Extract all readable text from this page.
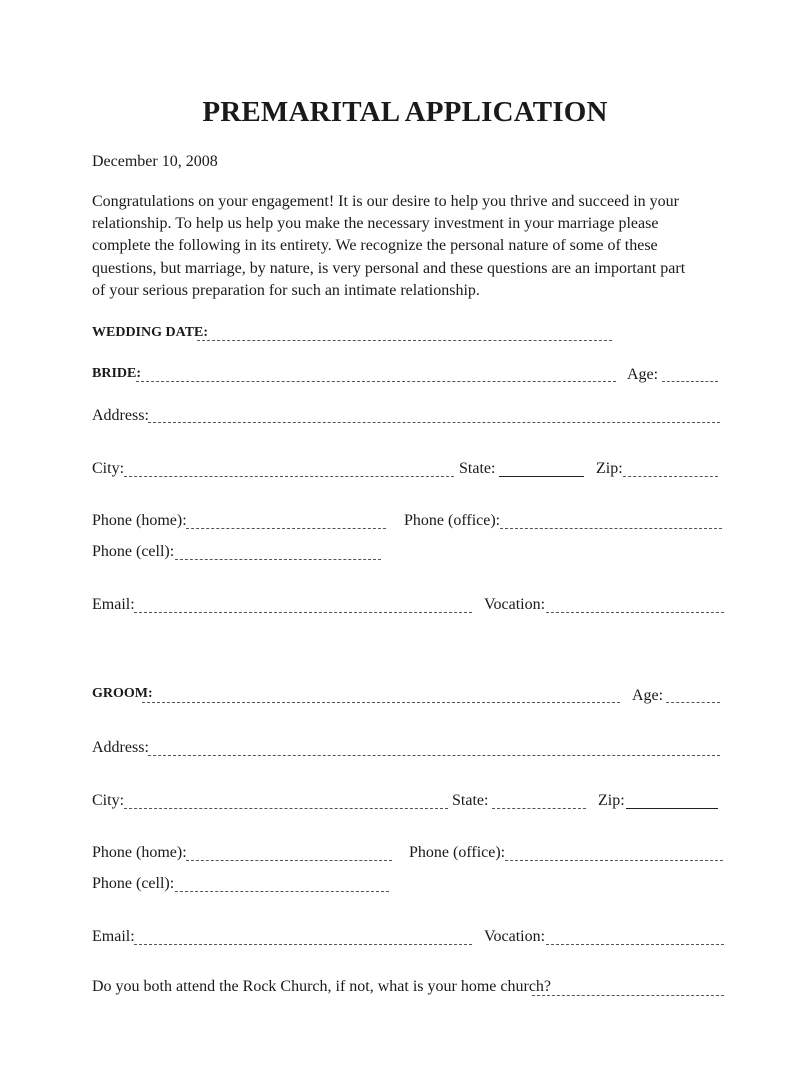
PREMARITAL APPLICATION
December 10, 2008
Congratulations on your engagement! It is our desire to help you thrive and succeed in your
relationship. To help us help you make the necessary investment in your marriage please
complete the following in its entirety. We recognize the personal nature of some of these
questions, but marriage, by nature, is very personal and these questions are an important part
of your serious preparation for such an intimate relationship.
WEDDING DATE:
BRIDE:	Age:
Address:
City:	State:	Zip:
Phone (home):	Phone (office):
Phone (cell):
Email:	Vocation:
GROOM:	Age:
Address:
City:	State:	Zip:
Phone (home):	Phone (office):
Phone (cell):
Email:	Vocation:
Do you both attend the Rock Church, if not, what is your home church?
